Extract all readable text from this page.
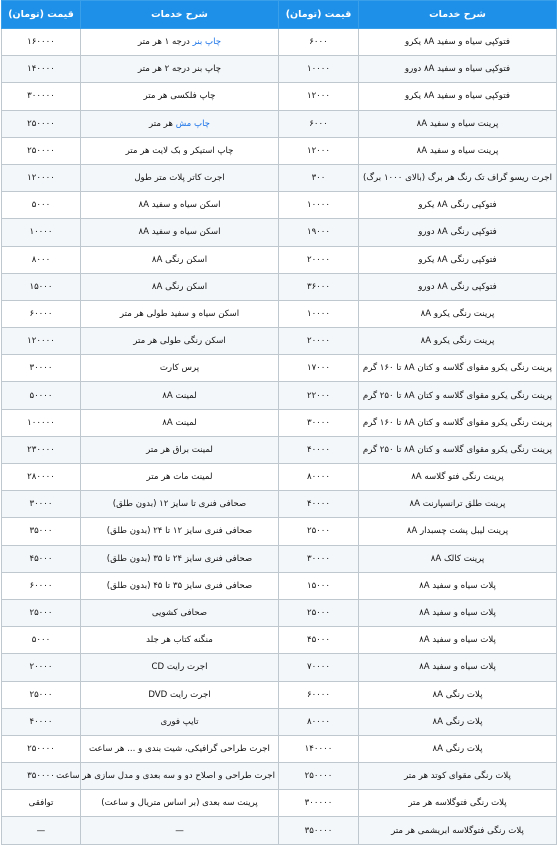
شرح خدمات	قیمت (تومان)	شرح خدمات	قیمت (تومان)
فتوکپی سیاه و سفید ۸A یکرو	۶۰۰۰	چاپ بنر درجه ۱ هر متر	۱۶۰۰۰۰
فتوکپی سیاه و سفید ۸A دورو	۱۰۰۰۰	چاپ بنر درجه ۲ هر متر	۱۴۰۰۰۰
فتوکپی سیاه و سفید ۸A یکرو	۱۲۰۰۰	چاپ فلکسی هر متر	۳۰۰۰۰۰
پرینت سیاه و سفید ۸A	۶۰۰۰	چاپ مش هر متر	۲۵۰۰۰۰
پرینت سیاه و سفید ۸A	۱۲۰۰۰	چاپ استیکر و بک لایت هر متر	۲۵۰۰۰۰
اجرت ریسو گراف تک رنگ هر برگ (بالای ۱۰۰۰ برگ)	۳۰۰	اجرت کاتر پلات متر طول	۱۲۰۰۰۰
فتوکپی رنگی ۸A یکرو	۱۰۰۰۰	اسکن سیاه و سفید ۸A	۵۰۰۰
فتوکپی رنگی ۸A دورو	۱۹۰۰۰	اسکن سیاه و سفید ۸A	۱۰۰۰۰
فتوکپی رنگی ۸A یکرو	۲۰۰۰۰	اسکن رنگی ۸A	۸۰۰۰
فتوکپی رنگی ۸A دورو	۳۶۰۰۰	اسکن رنگی ۸A	۱۵۰۰۰
پرینت رنگی یکرو ۸A	۱۰۰۰۰	اسکن سیاه و سفید طولی هر متر	۶۰۰۰۰
پرینت رنگی یکرو ۸A	۲۰۰۰۰	اسکن رنگی طولی هر متر	۱۲۰۰۰۰
پرینت رنگی یکرو مقوای گلاسه و کتان ۸A تا ۱۶۰ گرم	۱۷۰۰۰	پرس کارت	۳۰۰۰۰
پرینت رنگی یکرو مقوای گلاسه و کتان ۸A تا ۲۵۰ گرم	۲۲۰۰۰	لمینت ۸A	۵۰۰۰۰
پرینت رنگی یکرو مقوای گلاسه و کتان ۸A تا ۱۶۰ گرم	۳۰۰۰۰	لمینت ۸A	۱۰۰۰۰۰
پرینت رنگی یکرو مقوای گلاسه و کتان ۸A تا ۲۵۰ گرم	۴۰۰۰۰	لمینت براق هر متر	۲۳۰۰۰۰
پرینت رنگی فتو گلاسه ۸A	۸۰۰۰۰	لمینت مات هر متر	۲۸۰۰۰۰
پرینت طلق ترانسپارنت ۸A	۴۰۰۰۰	صحافی فنری تا سایز ۱۲ (بدون طلق)	۳۰۰۰۰
پرینت لیبل پشت چسبدار ۸A	۲۵۰۰۰	صحافی فنری سایز ۱۲ تا ۲۴ (بدون طلق)	۳۵۰۰۰
پرینت کالک ۸A	۳۰۰۰۰	صحافی فنری سایز ۲۴ تا ۳۵ (بدون طلق)	۴۵۰۰۰
پلات سیاه و سفید ۸A	۱۵۰۰۰	صحافی فنری سایز ۳۵ تا ۴۵ (بدون طلق)	۶۰۰۰۰
پلات سیاه و سفید ۸A	۲۵۰۰۰	صحافی کشویی	۲۵۰۰۰
پلات سیاه و سفید ۸A	۴۵۰۰۰	منگنه کتاب هر جلد	۵۰۰۰
پلات سیاه و سفید ۸A	۷۰۰۰۰	اجرت رایت CD	۲۰۰۰۰
پلات رنگی ۸A	۶۰۰۰۰	اجرت رایت DVD	۲۵۰۰۰
پلات رنگی ۸A	۸۰۰۰۰	تایپ فوری	۴۰۰۰۰
پلات رنگی ۸A	۱۴۰۰۰۰	اجرت طراحی گرافیکی، شیت بندی و ... هر ساعت	۲۵۰۰۰۰
پلات رنگی مقوای کوتد هر متر	۲۵۰۰۰۰	اجرت طراحی و اصلاح دو و سه بعدی و مدل سازی هر ساعت	۳۵۰۰۰۰
پلات رنگی فتوگلاسه هر متر	۳۰۰۰۰۰	پرینت سه بعدی (بر اساس متریال و ساعت)	توافقی
پلات رنگی فتوگلاسه ابریشمی هر متر	۳۵۰۰۰۰	—	—
